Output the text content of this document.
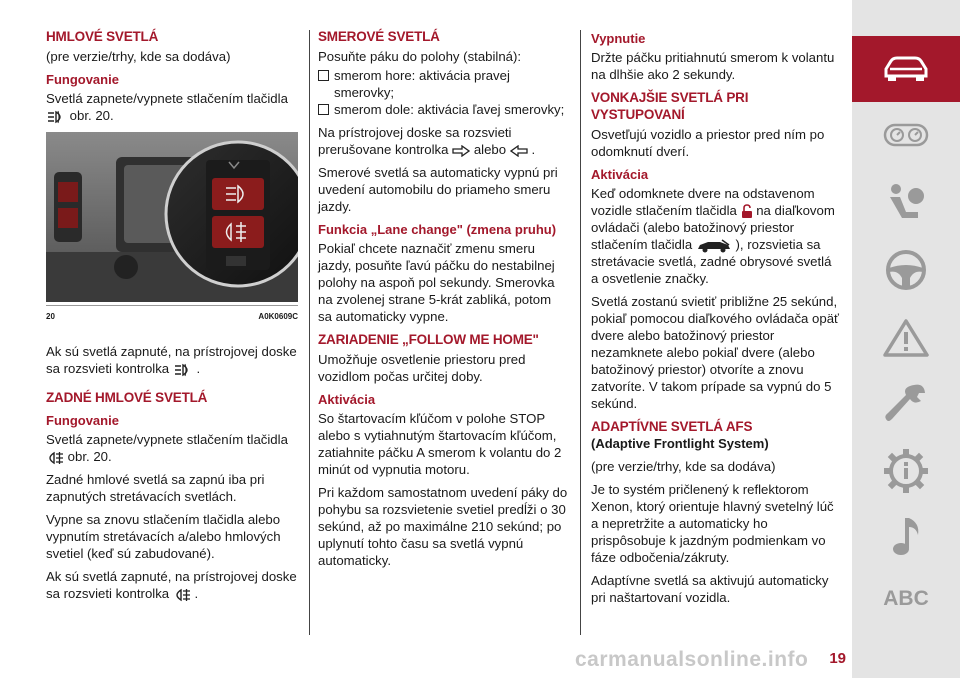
HMLOVÉ SVETLÁ

(pre verzie/trhy, kde sa dodáva)

Fungovanie

Svetlá zapnete/vypnete stlačením tlačidla  obr. 20.

20	A0K0609C

Ak sú svetlá zapnuté, na prístrojovej doske sa rozsvieti kontrolka .

ZADNÉ HMLOVÉ SVETLÁ
Fungovanie

Svetlá zapnete/vypnete stlačením tlačidla  obr. 20.

Zadné hmlové svetlá sa zapnú iba pri zapnutých stretávacích svetlách.

Vypne sa znovu stlačením tlačidla alebo vypnutím stretávacích a/alebo hmlových svetiel (keď sú zabudované).

Ak sú svetlá zapnuté, na prístrojovej doske sa rozsvieti kontrolka .

SMEROVÉ SVETLÁ

Posuňte páku do polohy (stabilná):

smerom hore: aktivácia pravej smerovky;
smerom dole: aktivácia ľavej smerovky;

Na prístrojovej doske sa rozsvieti prerušovane kontrolka alebo .

Smerové svetlá sa automaticky vypnú pri uvedení automobilu do priameho smeru jazdy.

Funkcia „Lane change" (zmena pruhu)

Pokiaľ chcete naznačiť zmenu smeru jazdy, posuňte ľavú páčku do nestabilnej polohy na aspoň pol sekundy. Smerovka na zvolenej strane 5-krát zabliká, potom sa automaticky vypne.

ZARIADENIE „FOLLOW ME HOME"

Umožňuje osvetlenie priestoru pred vozidlom počas určitej doby.

Aktivácia

So štartovacím kľúčom v polohe STOP alebo s vytiahnutým štartovacím kľúčom, zatiahnite páčku A smerom k volantu do 2 minút od vypnutia motoru.

Pri každom samostatnom uvedení páky do pohybu sa rozsvietenie svetiel predĺži o 30 sekúnd, až po maximálne 210 sekúnd; po uplynutí tohto času sa svetlá vypnú automaticky.

Vypnutie

Držte páčku pritiahnutú smerom k volantu na dlhšie ako 2 sekundy.

VONKAJŠIE SVETLÁ PRI VYSTUPOVANÍ

Osvetľujú vozidlo a priestor pred ním po odomknutí dverí.

Aktivácia

Keď odomknete dvere na odstavenom vozidle stlačením tlačidla na diaľkovom ovládači (alebo batožinový priestor stlačením tlačidla	), rozsvietia sa stretávacie svetlá, zadné obrysové svetlá a osvetlenie značky.

Svetlá zostanú svietiť približne 25 sekúnd, pokiaľ pomocou diaľkového ovládača opäť dvere alebo batožinový priestor nezamknete alebo pokiaľ dvere (alebo batožinový priestor) otvoríte a znovu zatvoríte. V takom prípade sa vypnú do 5 sekúnd.

ADAPTÍVNE SVETLÁ AFS
(Adaptive Frontlight System)

(pre verzie/trhy, kde sa dodáva)

Je to systém pričlenený k reflektorom Xenon, ktorý orientuje hlavný svetelný lúč a nepretržite a automaticky ho prispôsobuje k jazdným podmienkam vo fáze odbočenia/zákruty.

Adaptívne svetlá sa aktivujú automaticky pri naštartovaní vozidla.	ABC
carmanualsonline.info 19
